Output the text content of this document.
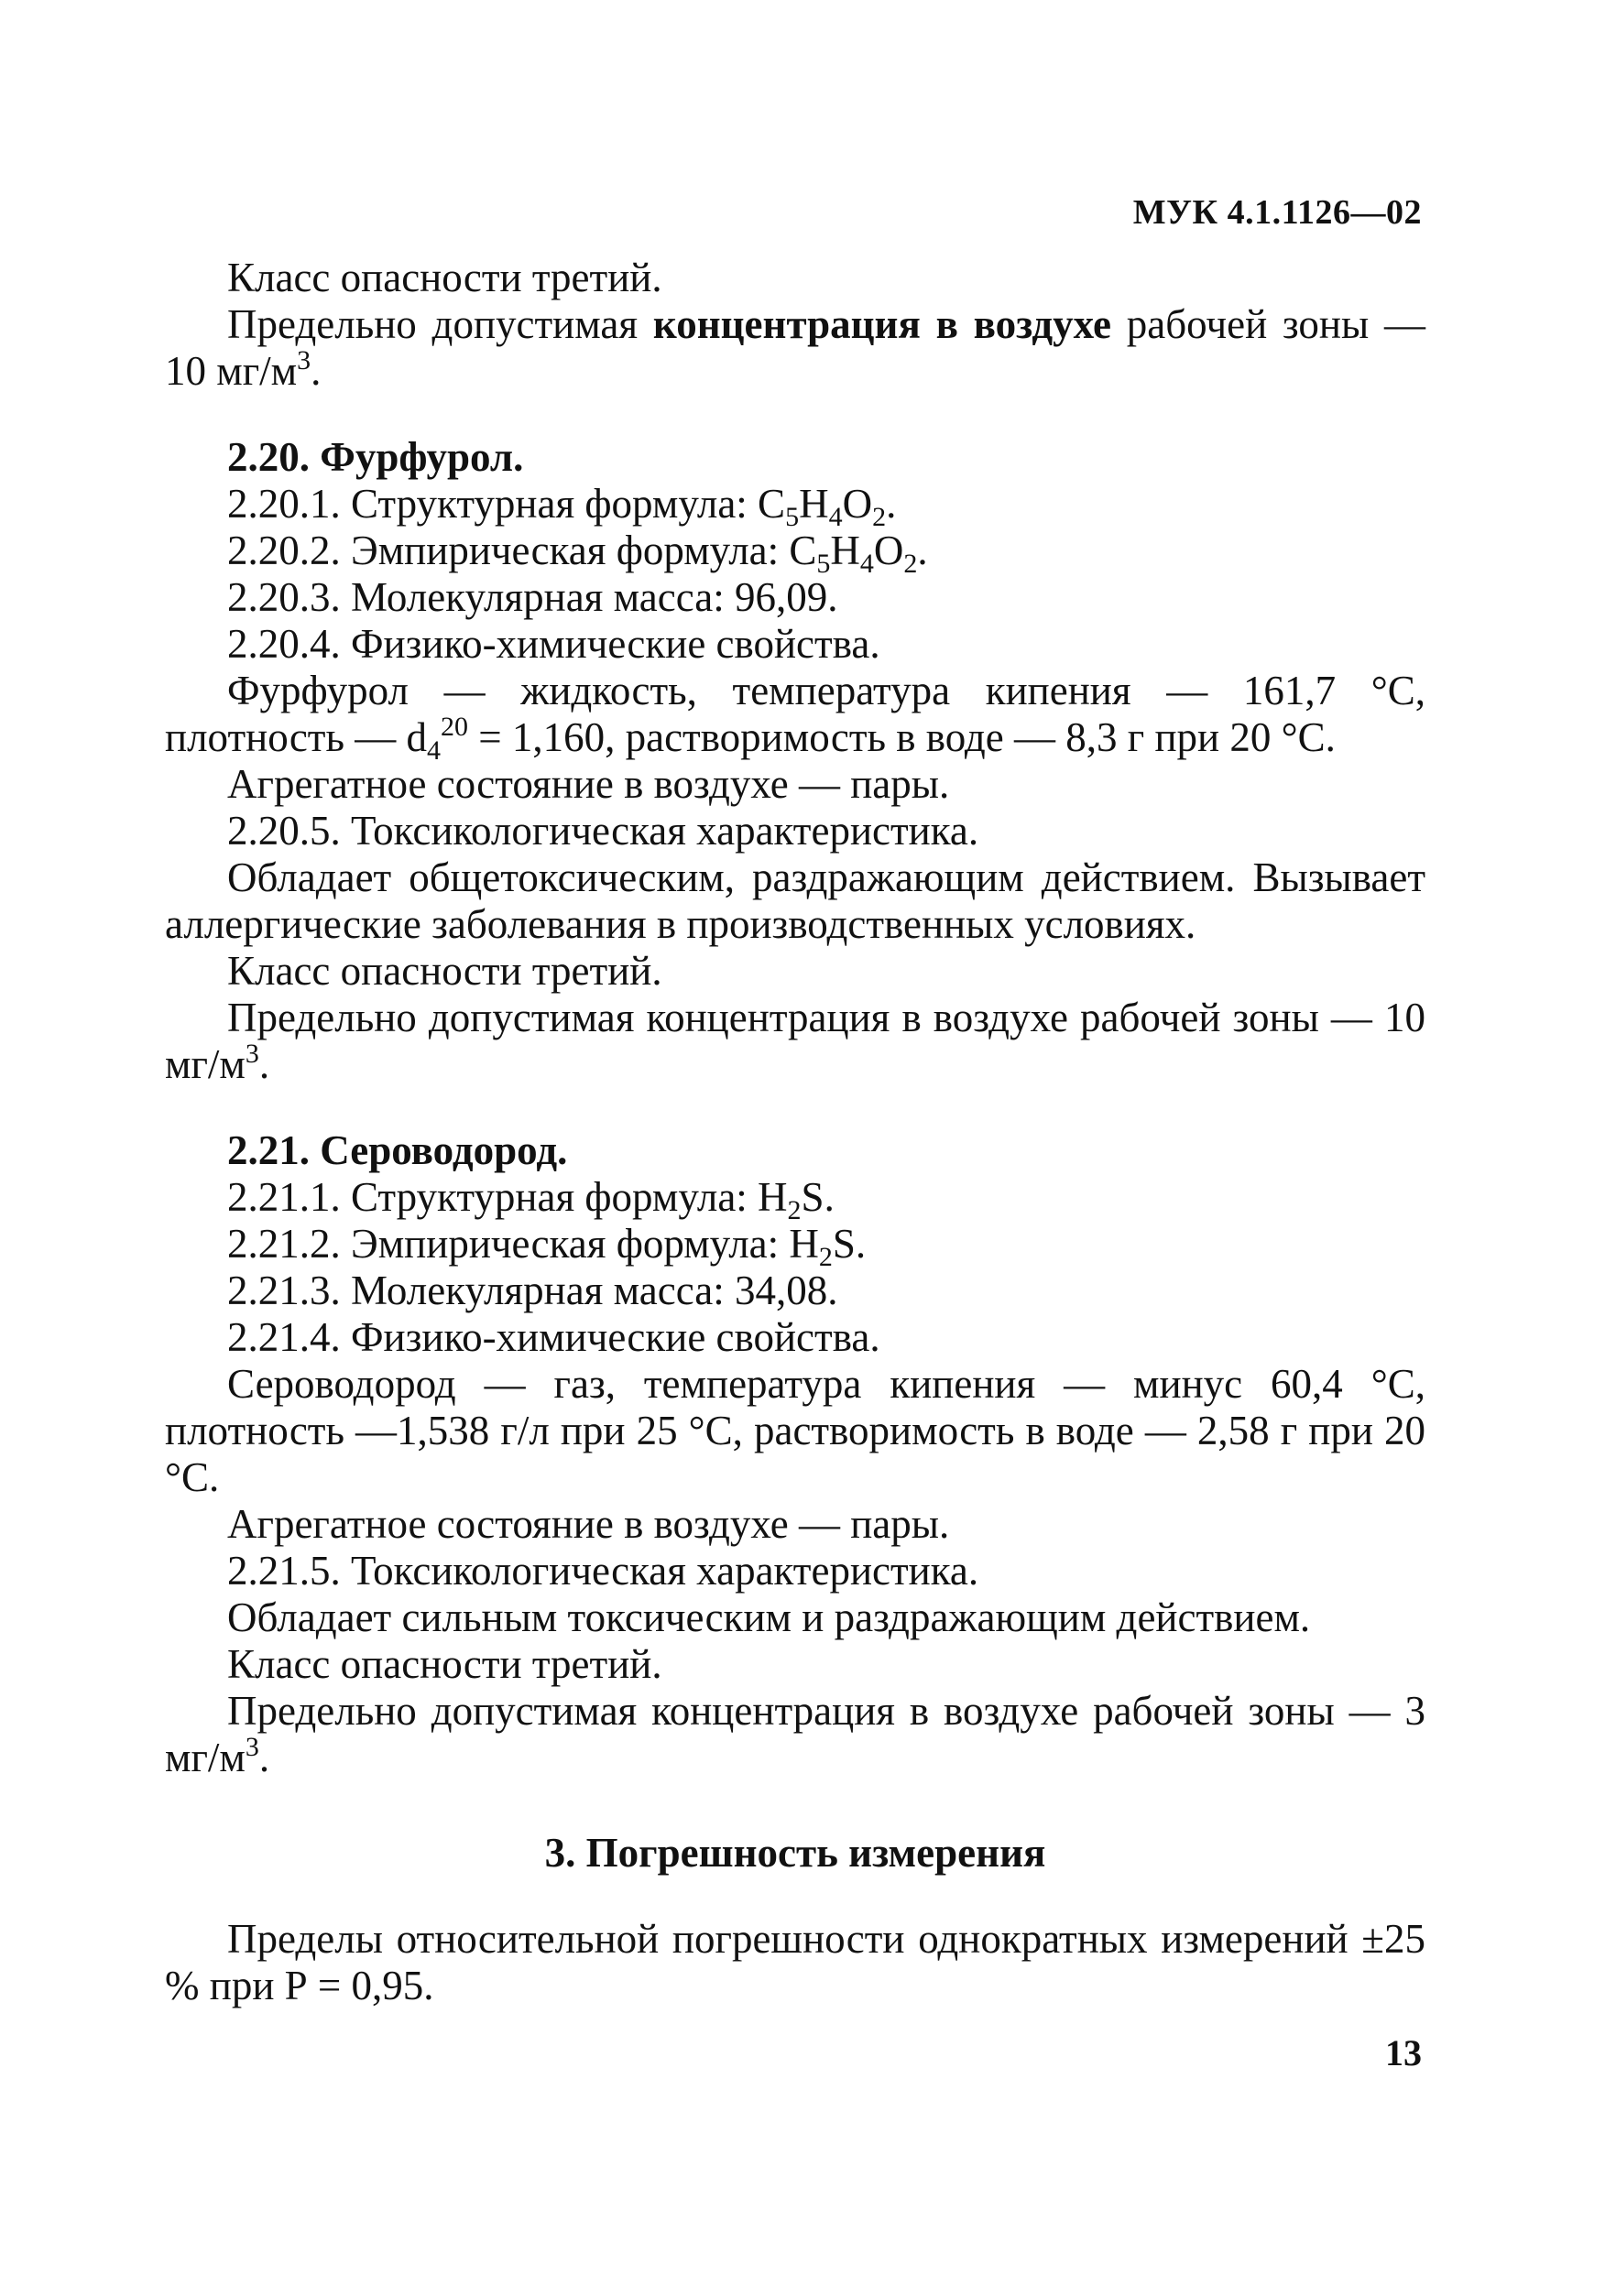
МУК 4.1.1126—02

Класс опасности третий.

Предельно допустимая концентрация в воздухе рабочей зоны — 10 $мг/м^3$.

2.20. Фурфурол.

2.20.1. Структурная формула: $C_5H_4O_2$.

2.20.2. Эмпирическая формула: $C_5H_4O_2$.

2.20.3. Молекулярная масса: 96,09.

2.20.4. Физико-химические свойства.

Фурфурол — жидкость, температура кипения — 161,7 °С, плотность — $d_4^{20} = 1,160$, растворимость в воде — 8,3 г при 20 °С.

Агрегатное состояние в воздухе — пары.

2.20.5. Токсикологическая характеристика.

Обладает общетоксическим, раздражающим действием. Вызывает аллергические заболевания в производственных условиях.

Класс опасности третий.

Предельно допустимая концентрация в воздухе рабочей зоны — 10 $мг/м^3$.

2.21. Сероводород.

2.21.1. Структурная формула: $H_2S$.

2.21.2. Эмпирическая формула: $H_2S$.

2.21.3. Молекулярная масса: 34,08.

2.21.4. Физико-химические свойства.

Сероводород — газ, температура кипения — минус 60,4 °С, плотность —1,538 г/л при 25 °С, растворимость в воде — 2,58 г при 20 °С.

Агрегатное состояние в воздухе — пары.

2.21.5. Токсикологическая характеристика.

Обладает сильным токсическим и раздражающим действием.

Класс опасности третий.

Предельно допустимая концентрация в воздухе рабочей зоны — 3 $мг/м^3$.

3. Погрешность измерения

Пределы относительной погрешности однократных измерений ±25 % при Р = 0,95.

13
